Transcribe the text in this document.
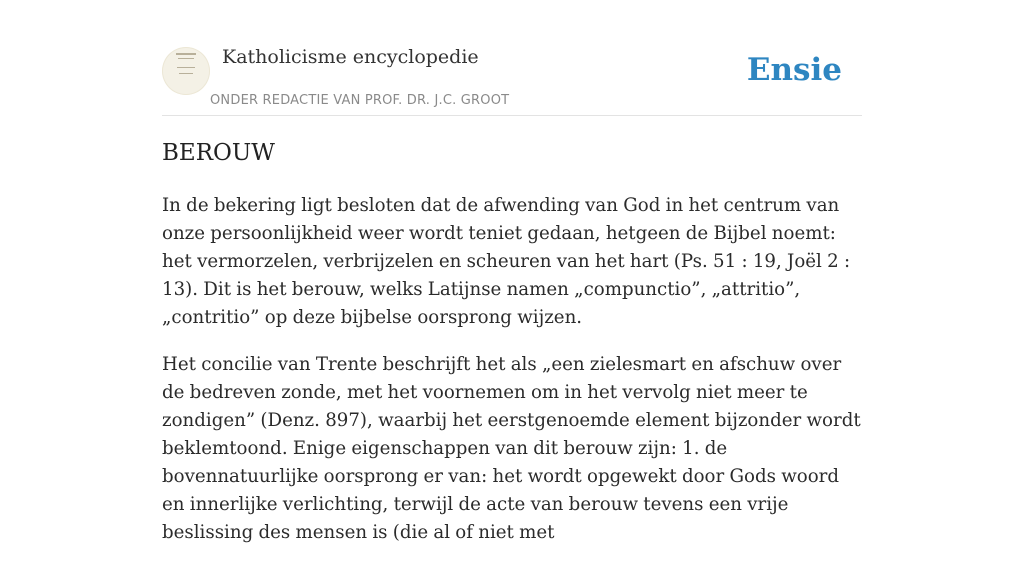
Katholicisme encyclopedie
ONDER REDACTIE VAN PROF. DR. J.C. GROOT
Ensie
BEROUW

In de bekering ligt besloten dat de afwending van God in het centrum van onze persoonlijkheid weer wordt teniet gedaan, hetgeen de Bijbel noemt: het vermorzelen, verbrijzelen en scheuren van het hart (Ps. 51 : 19, Joël 2 : 13). Dit is het berouw, welks Latijnse namen „compunctio”, „attritio”, „contritio” op deze bijbelse oorsprong wijzen.

Het concilie van Trente beschrijft het als „een zielesmart en afschuw over de bedreven zonde, met het voornemen om in het vervolg niet meer te zondigen” (Denz. 897), waarbij het eerstgenoemde element bijzonder wordt beklemtoond. Enige eigenschappen van dit berouw zijn: 1. de bovennatuurlijke oorsprong er van: het wordt opgewekt door Gods woord en innerlijke verlichting, terwijl de acte van berouw tevens een vrije beslissing des mensen is (die al of niet met
